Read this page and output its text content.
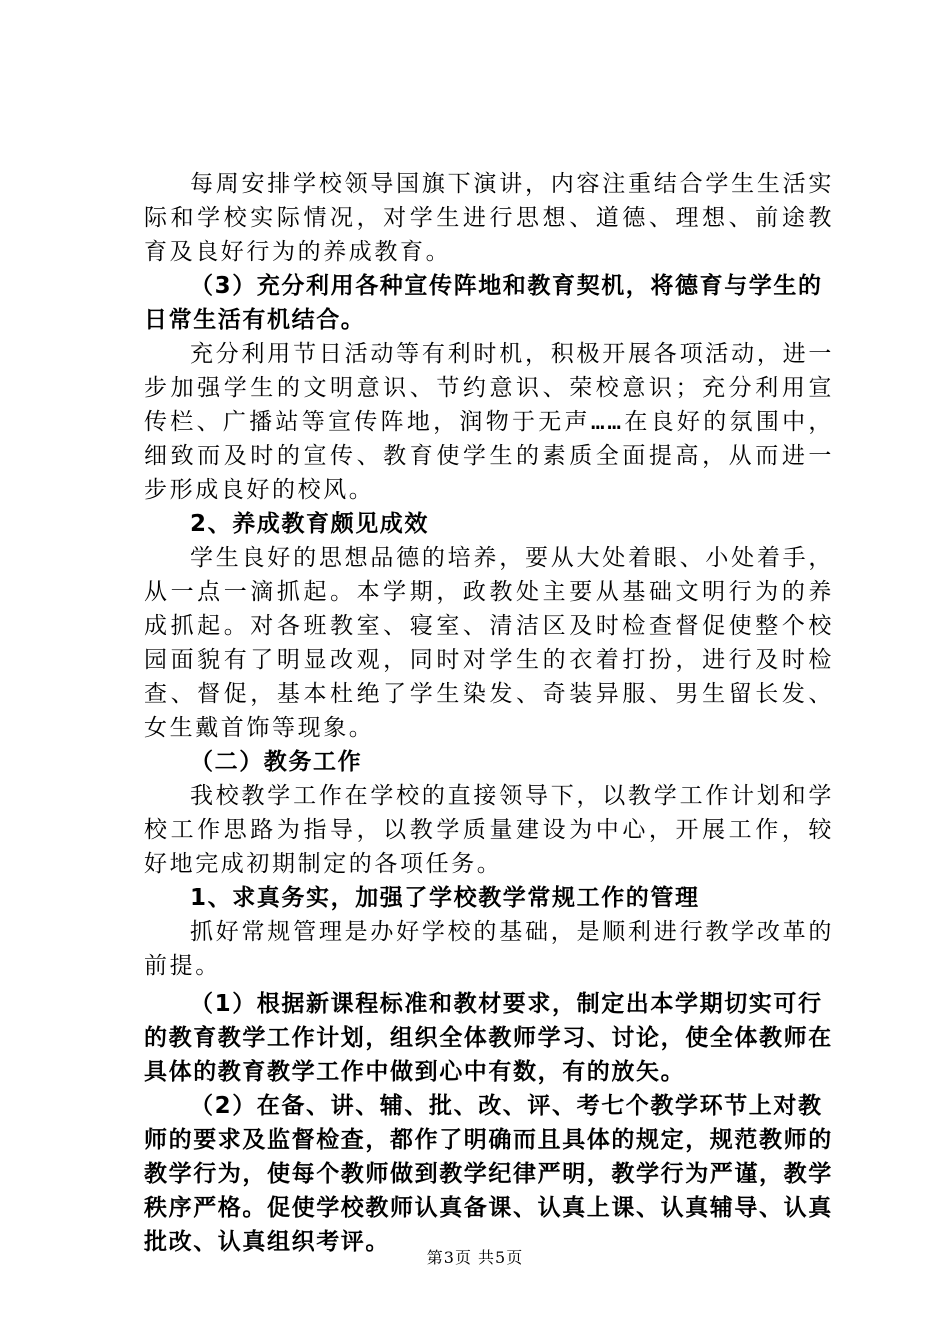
每周安排学校领导国旗下演讲，内容注重结合学生生活实际和学校实际情况，对学生进行思想、道德、理想、前途教育及良好行为的养成教育。

（3）充分利用各种宣传阵地和教育契机，将德育与学生的日常生活有机结合。

充分利用节日活动等有利时机，积极开展各项活动，进一步加强学生的文明意识、节约意识、荣校意识；充分利用宣传栏、广播站等宣传阵地，润物于无声……在良好的氛围中，细致而及时的宣传、教育使学生的素质全面提高，从而进一步形成良好的校风。

2、养成教育颇见成效

学生良好的思想品德的培养，要从大处着眼、小处着手，从一点一滴抓起。本学期，政教处主要从基础文明行为的养成抓起。对各班教室、寝室、清洁区及时检查督促使整个校园面貌有了明显改观，同时对学生的衣着打扮，进行及时检查、督促，基本杜绝了学生染发、奇装异服、男生留长发、女生戴首饰等现象。

（二）教务工作

我校教学工作在学校的直接领导下，以教学工作计划和学校工作思路为指导，以教学质量建设为中心，开展工作，较好地完成初期制定的各项任务。

1、求真务实，加强了学校教学常规工作的管理

抓好常规管理是办好学校的基础，是顺利进行教学改革的前提。

（1）根据新课程标准和教材要求，制定出本学期切实可行的教育教学工作计划，组织全体教师学习、讨论，使全体教师在具体的教育教学工作中做到心中有数，有的放矢。

（2）在备、讲、辅、批、改、评、考七个教学环节上对教师的要求及监督检查，都作了明确而且具体的规定，规范教师的教学行为，使每个教师做到教学纪律严明，教学行为严谨，教学秩序严格。促使学校教师认真备课、认真上课、认真辅导、认真批改、认真组织考评。

第3页 共5页
